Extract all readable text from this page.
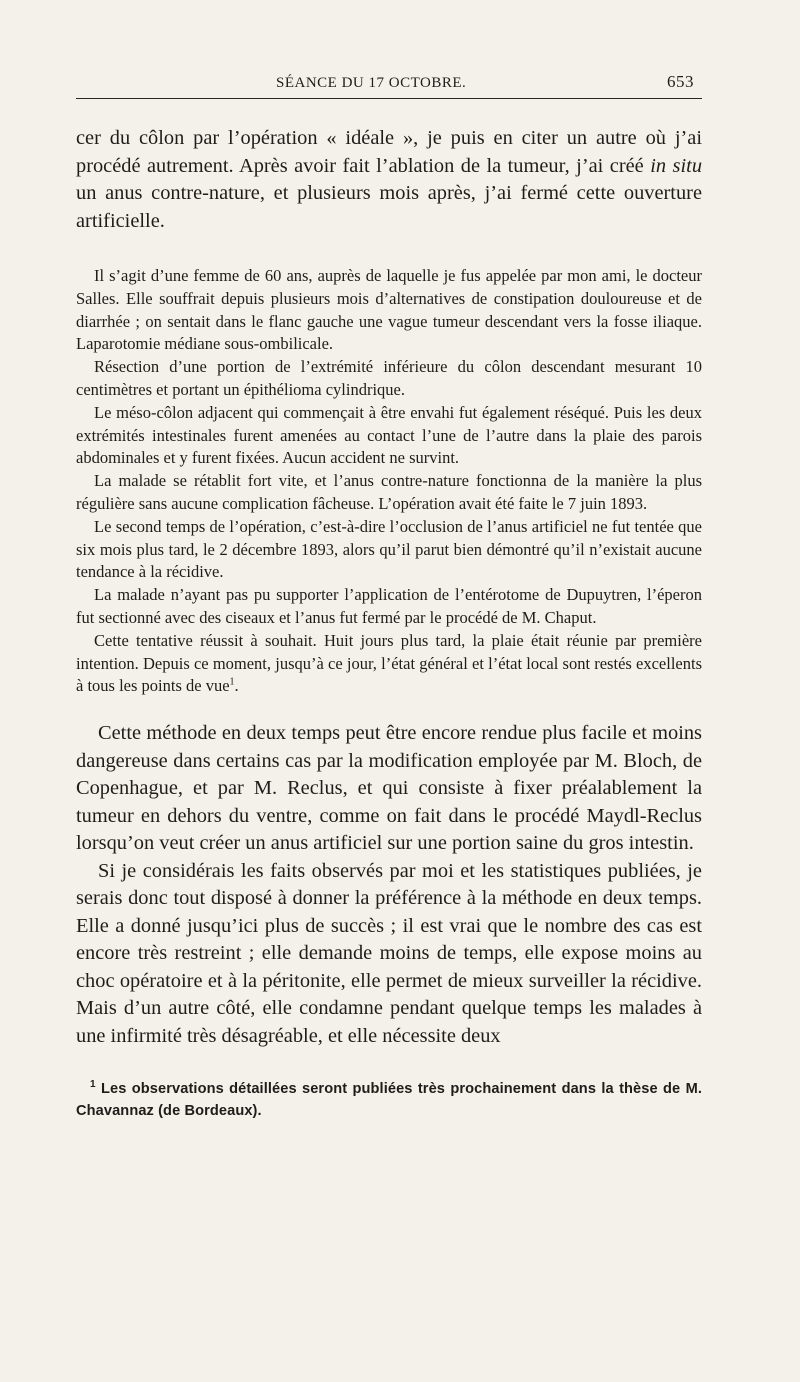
SÉANCE DU 17 OCTOBRE.	653

cer du côlon par l’opération « idéale », je puis en citer un autre où j’ai procédé autrement. Après avoir fait l’ablation de la tumeur, j’ai créé in situ un anus contre-nature, et plusieurs mois après, j’ai fermé cette ouverture artificielle.

Il s’agit d’une femme de 60 ans, auprès de laquelle je fus appelée par mon ami, le docteur Salles. Elle souffrait depuis plusieurs mois d’alternatives de constipation douloureuse et de diarrhée ; on sentait dans le flanc gauche une vague tumeur descendant vers la fosse iliaque. Laparotomie médiane sous-ombilicale.

Résection d’une portion de l’extrémité inférieure du côlon descendant mesurant 10 centimètres et portant un épithélioma cylindrique.

Le méso-côlon adjacent qui commençait à être envahi fut également réséqué. Puis les deux extrémités intestinales furent amenées au contact l’une de l’autre dans la plaie des parois abdominales et y furent fixées. Aucun accident ne survint.

La malade se rétablit fort vite, et l’anus contre-nature fonctionna de la manière la plus régulière sans aucune complication fâcheuse. L’opération avait été faite le 7 juin 1893.

Le second temps de l’opération, c’est-à-dire l’occlusion de l’anus artificiel ne fut tentée que six mois plus tard, le 2 décembre 1893, alors qu’il parut bien démontré qu’il n’existait aucune tendance à la récidive.

La malade n’ayant pas pu supporter l’application de l’entérotome de Dupuytren, l’éperon fut sectionné avec des ciseaux et l’anus fut fermé par le procédé de M. Chaput.

Cette tentative réussit à souhait. Huit jours plus tard, la plaie était réunie par première intention. Depuis ce moment, jusqu’à ce jour, l’état général et l’état local sont restés excellents à tous les points de vue$^1$.

Cette méthode en deux temps peut être encore rendue plus facile et moins dangereuse dans certains cas par la modification employée par M. Bloch, de Copenhague, et par M. Reclus, et qui consiste à fixer préalablement la tumeur en dehors du ventre, comme on fait dans le procédé Maydl-Reclus lorsqu’on veut créer un anus artificiel sur une portion saine du gros intestin.

Si je considérais les faits observés par moi et les statistiques publiées, je serais donc tout disposé à donner la préférence à la méthode en deux temps. Elle a donné jusqu’ici plus de succès ; il est vrai que le nombre des cas est encore très restreint ; elle demande moins de temps, elle expose moins au choc opératoire et à la péritonite, elle permet de mieux surveiller la récidive. Mais d’un autre côté, elle condamne pendant quelque temps les malades à une infirmité très désagréable, et elle nécessite deux

$^1$ Les observations détaillées seront publiées très prochainement dans la thèse de M. Chavannaz (de Bordeaux).
